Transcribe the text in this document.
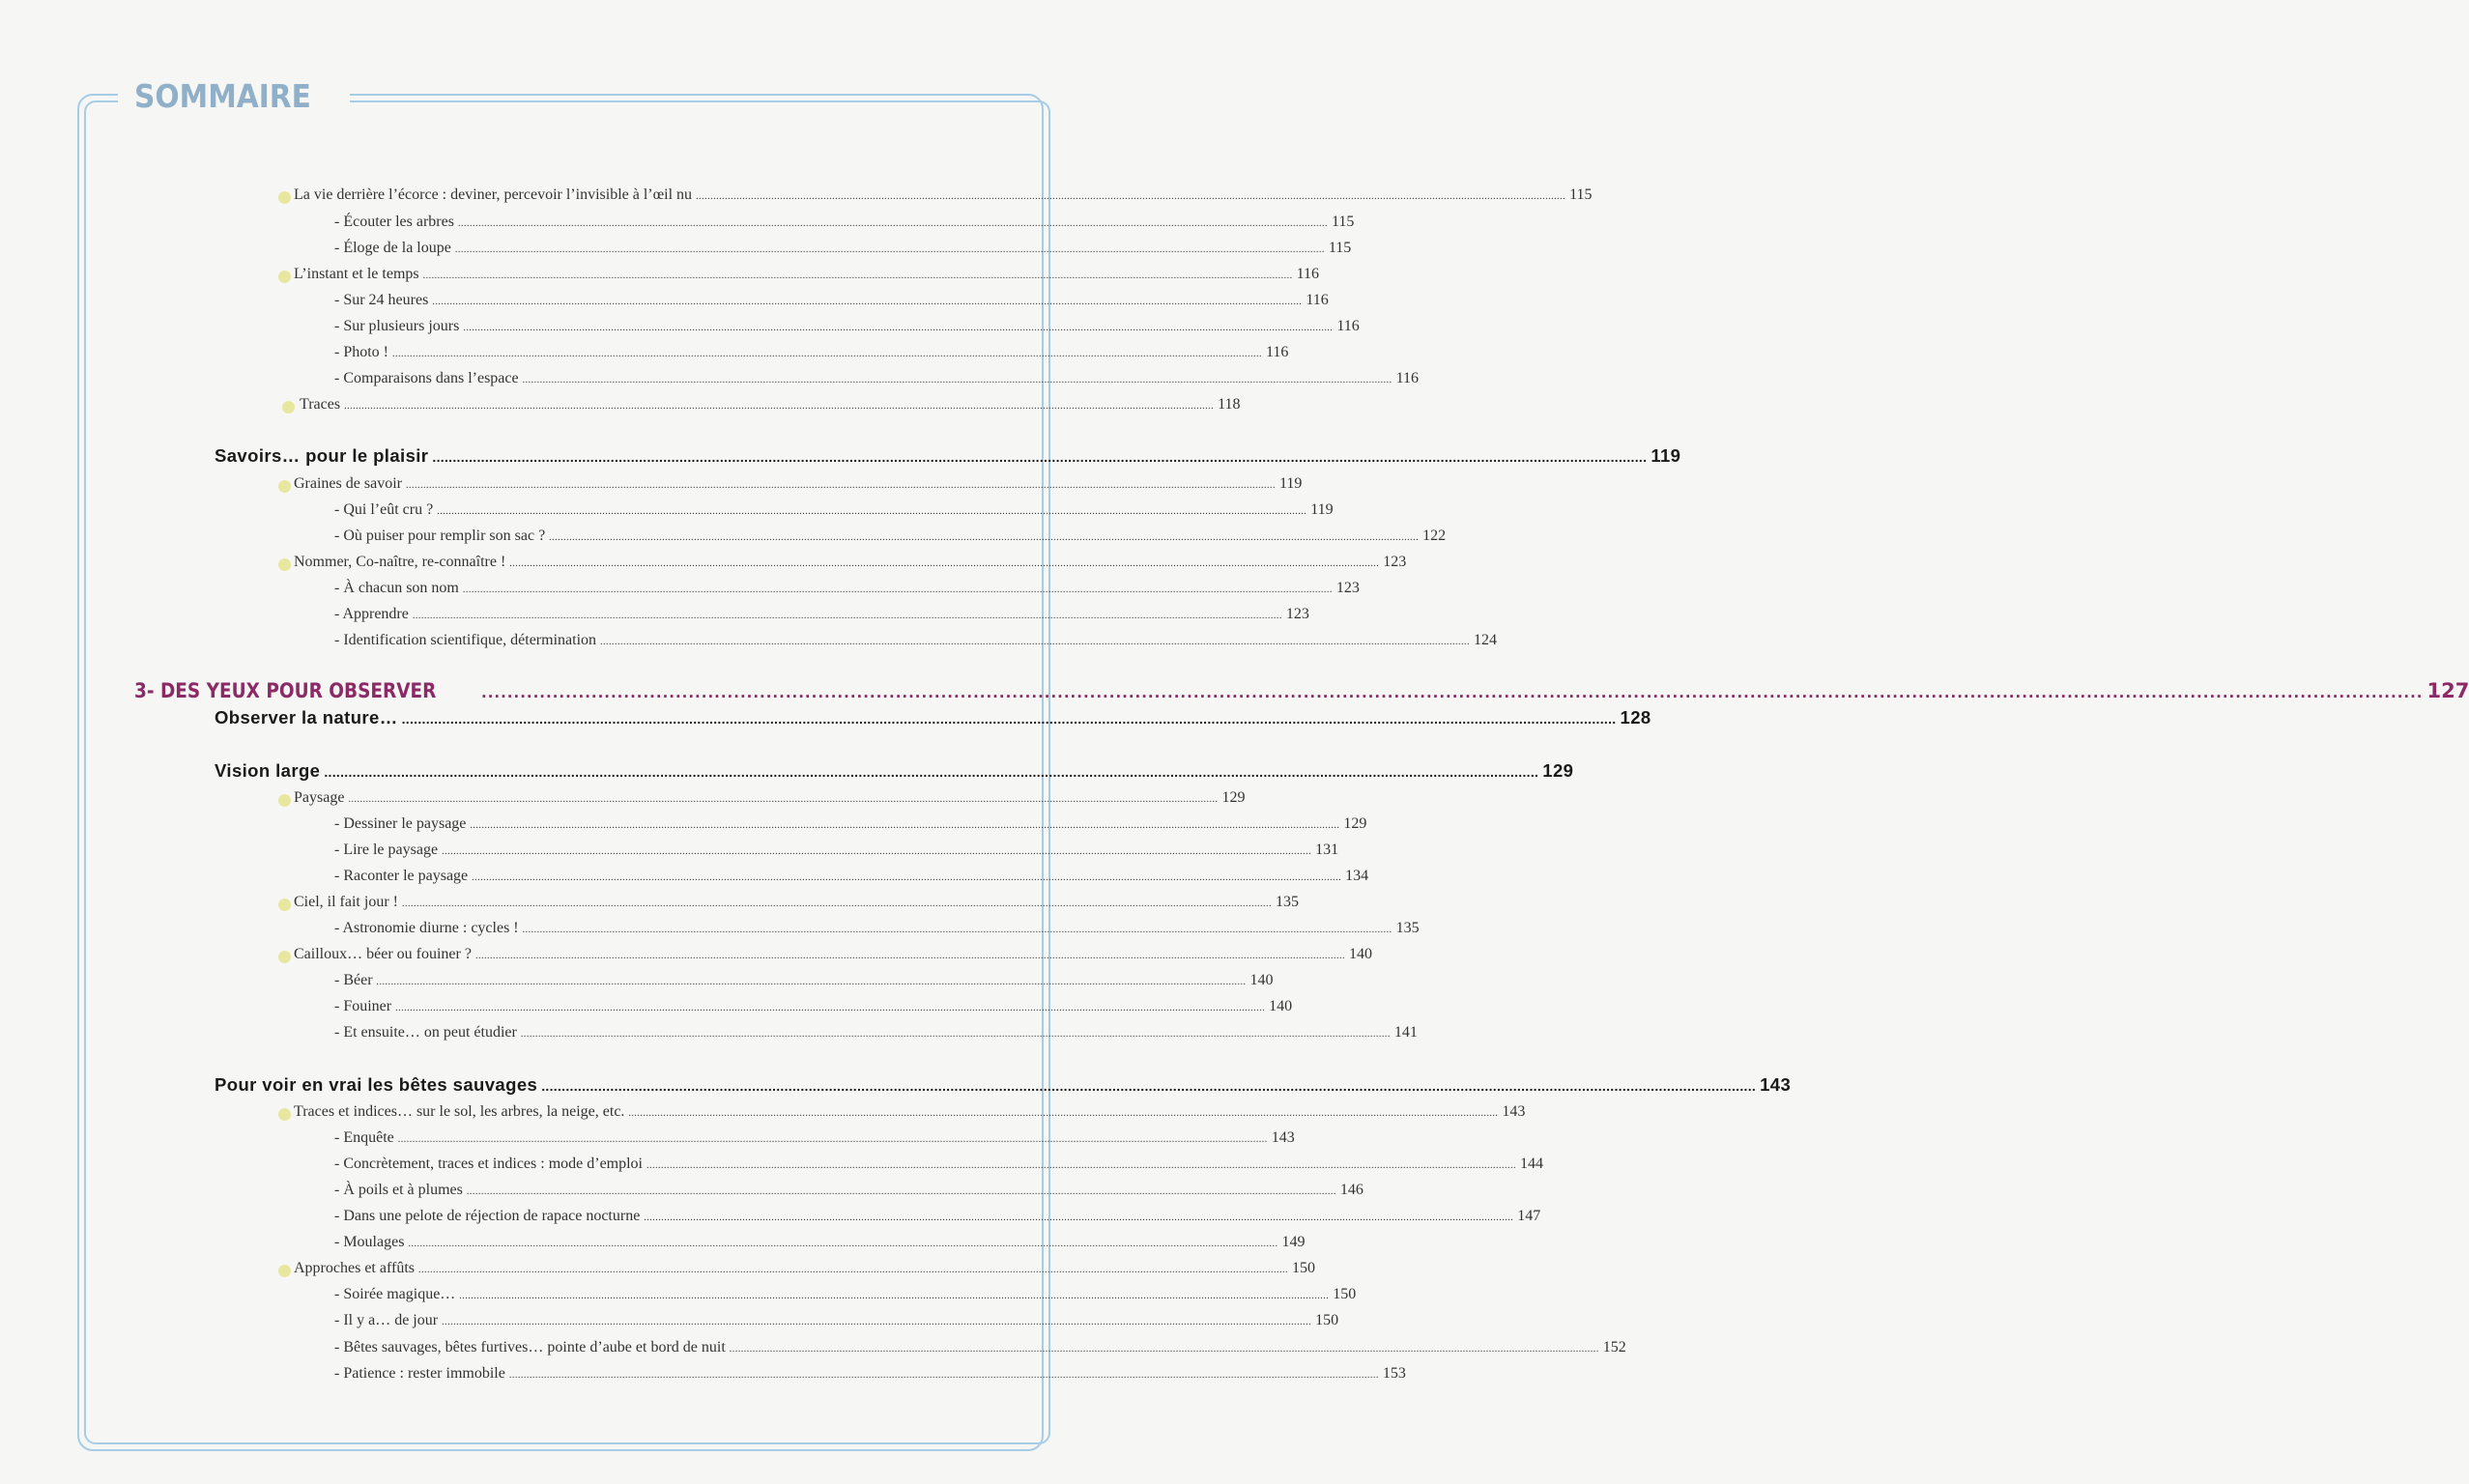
SOMMAIRE
La vie derrière l’écorce : deviner, percevoir l’invisible à l’œil nu ............................................................................................................................................................................................................................................................................................................ 115
- Écouter les arbres ............................................................................................................................................................................................................................................................................................................ 115
- Éloge de la loupe ............................................................................................................................................................................................................................................................................................................ 115
L’instant et le temps ............................................................................................................................................................................................................................................................................................................ 116
- Sur 24 heures ............................................................................................................................................................................................................................................................................................................ 116
- Sur plusieurs jours ............................................................................................................................................................................................................................................................................................................ 116
- Photo ! ............................................................................................................................................................................................................................................................................................................ 116
- Comparaisons dans l’espace ............................................................................................................................................................................................................................................................................................................ 116
Traces ............................................................................................................................................................................................................................................................................................................ 118
Savoirs… pour le plaisir ............................................................................................................................................................................................................................................................................................................ 119
Graines de savoir ............................................................................................................................................................................................................................................................................................................ 119
- Qui l’eût cru ? ............................................................................................................................................................................................................................................................................................................ 119
- Où puiser pour remplir son sac ? ............................................................................................................................................................................................................................................................................................................ 122
Nommer, Co-naître, re-connaître ! ............................................................................................................................................................................................................................................................................................................ 123
- À chacun son nom ............................................................................................................................................................................................................................................................................................................ 123
- Apprendre ............................................................................................................................................................................................................................................................................................................ 123
- Identification scientifique, détermination ............................................................................................................................................................................................................................................................................................................ 124
3- DES YEUX POUR OBSERVER	............................................................................................................................................................................................................................................................................................................ 127
Observer la nature… ............................................................................................................................................................................................................................................................................................................ 128
Vision large ............................................................................................................................................................................................................................................................................................................ 129
Paysage ............................................................................................................................................................................................................................................................................................................ 129
- Dessiner le paysage ............................................................................................................................................................................................................................................................................................................ 129
- Lire le paysage ............................................................................................................................................................................................................................................................................................................ 131
- Raconter le paysage ............................................................................................................................................................................................................................................................................................................ 134
Ciel, il fait jour ! ............................................................................................................................................................................................................................................................................................................ 135
- Astronomie diurne : cycles ! ............................................................................................................................................................................................................................................................................................................ 135
Cailloux… béer ou fouiner ? ............................................................................................................................................................................................................................................................................................................ 140
- Béer ............................................................................................................................................................................................................................................................................................................ 140
- Fouiner ............................................................................................................................................................................................................................................................................................................ 140
- Et ensuite… on peut étudier ............................................................................................................................................................................................................................................................................................................ 141
Pour voir en vrai les bêtes sauvages ............................................................................................................................................................................................................................................................................................................ 143
Traces et indices… sur le sol, les arbres, la neige, etc. ............................................................................................................................................................................................................................................................................................................ 143
- Enquête ............................................................................................................................................................................................................................................................................................................ 143
- Concrètement, traces et indices : mode d’emploi ............................................................................................................................................................................................................................................................................................................ 144
- À poils et à plumes ............................................................................................................................................................................................................................................................................................................ 146
- Dans une pelote de réjection de rapace nocturne ............................................................................................................................................................................................................................................................................................................ 147
- Moulages ............................................................................................................................................................................................................................................................................................................ 149
Approches et affûts ............................................................................................................................................................................................................................................................................................................ 150
- Soirée magique… ............................................................................................................................................................................................................................................................................................................ 150
- Il y a… de jour ............................................................................................................................................................................................................................................................................................................ 150
- Bêtes sauvages, bêtes furtives… pointe d’aube et bord de nuit ............................................................................................................................................................................................................................................................................................................ 152
- Patience : rester immobile ............................................................................................................................................................................................................................................................................................................ 153
